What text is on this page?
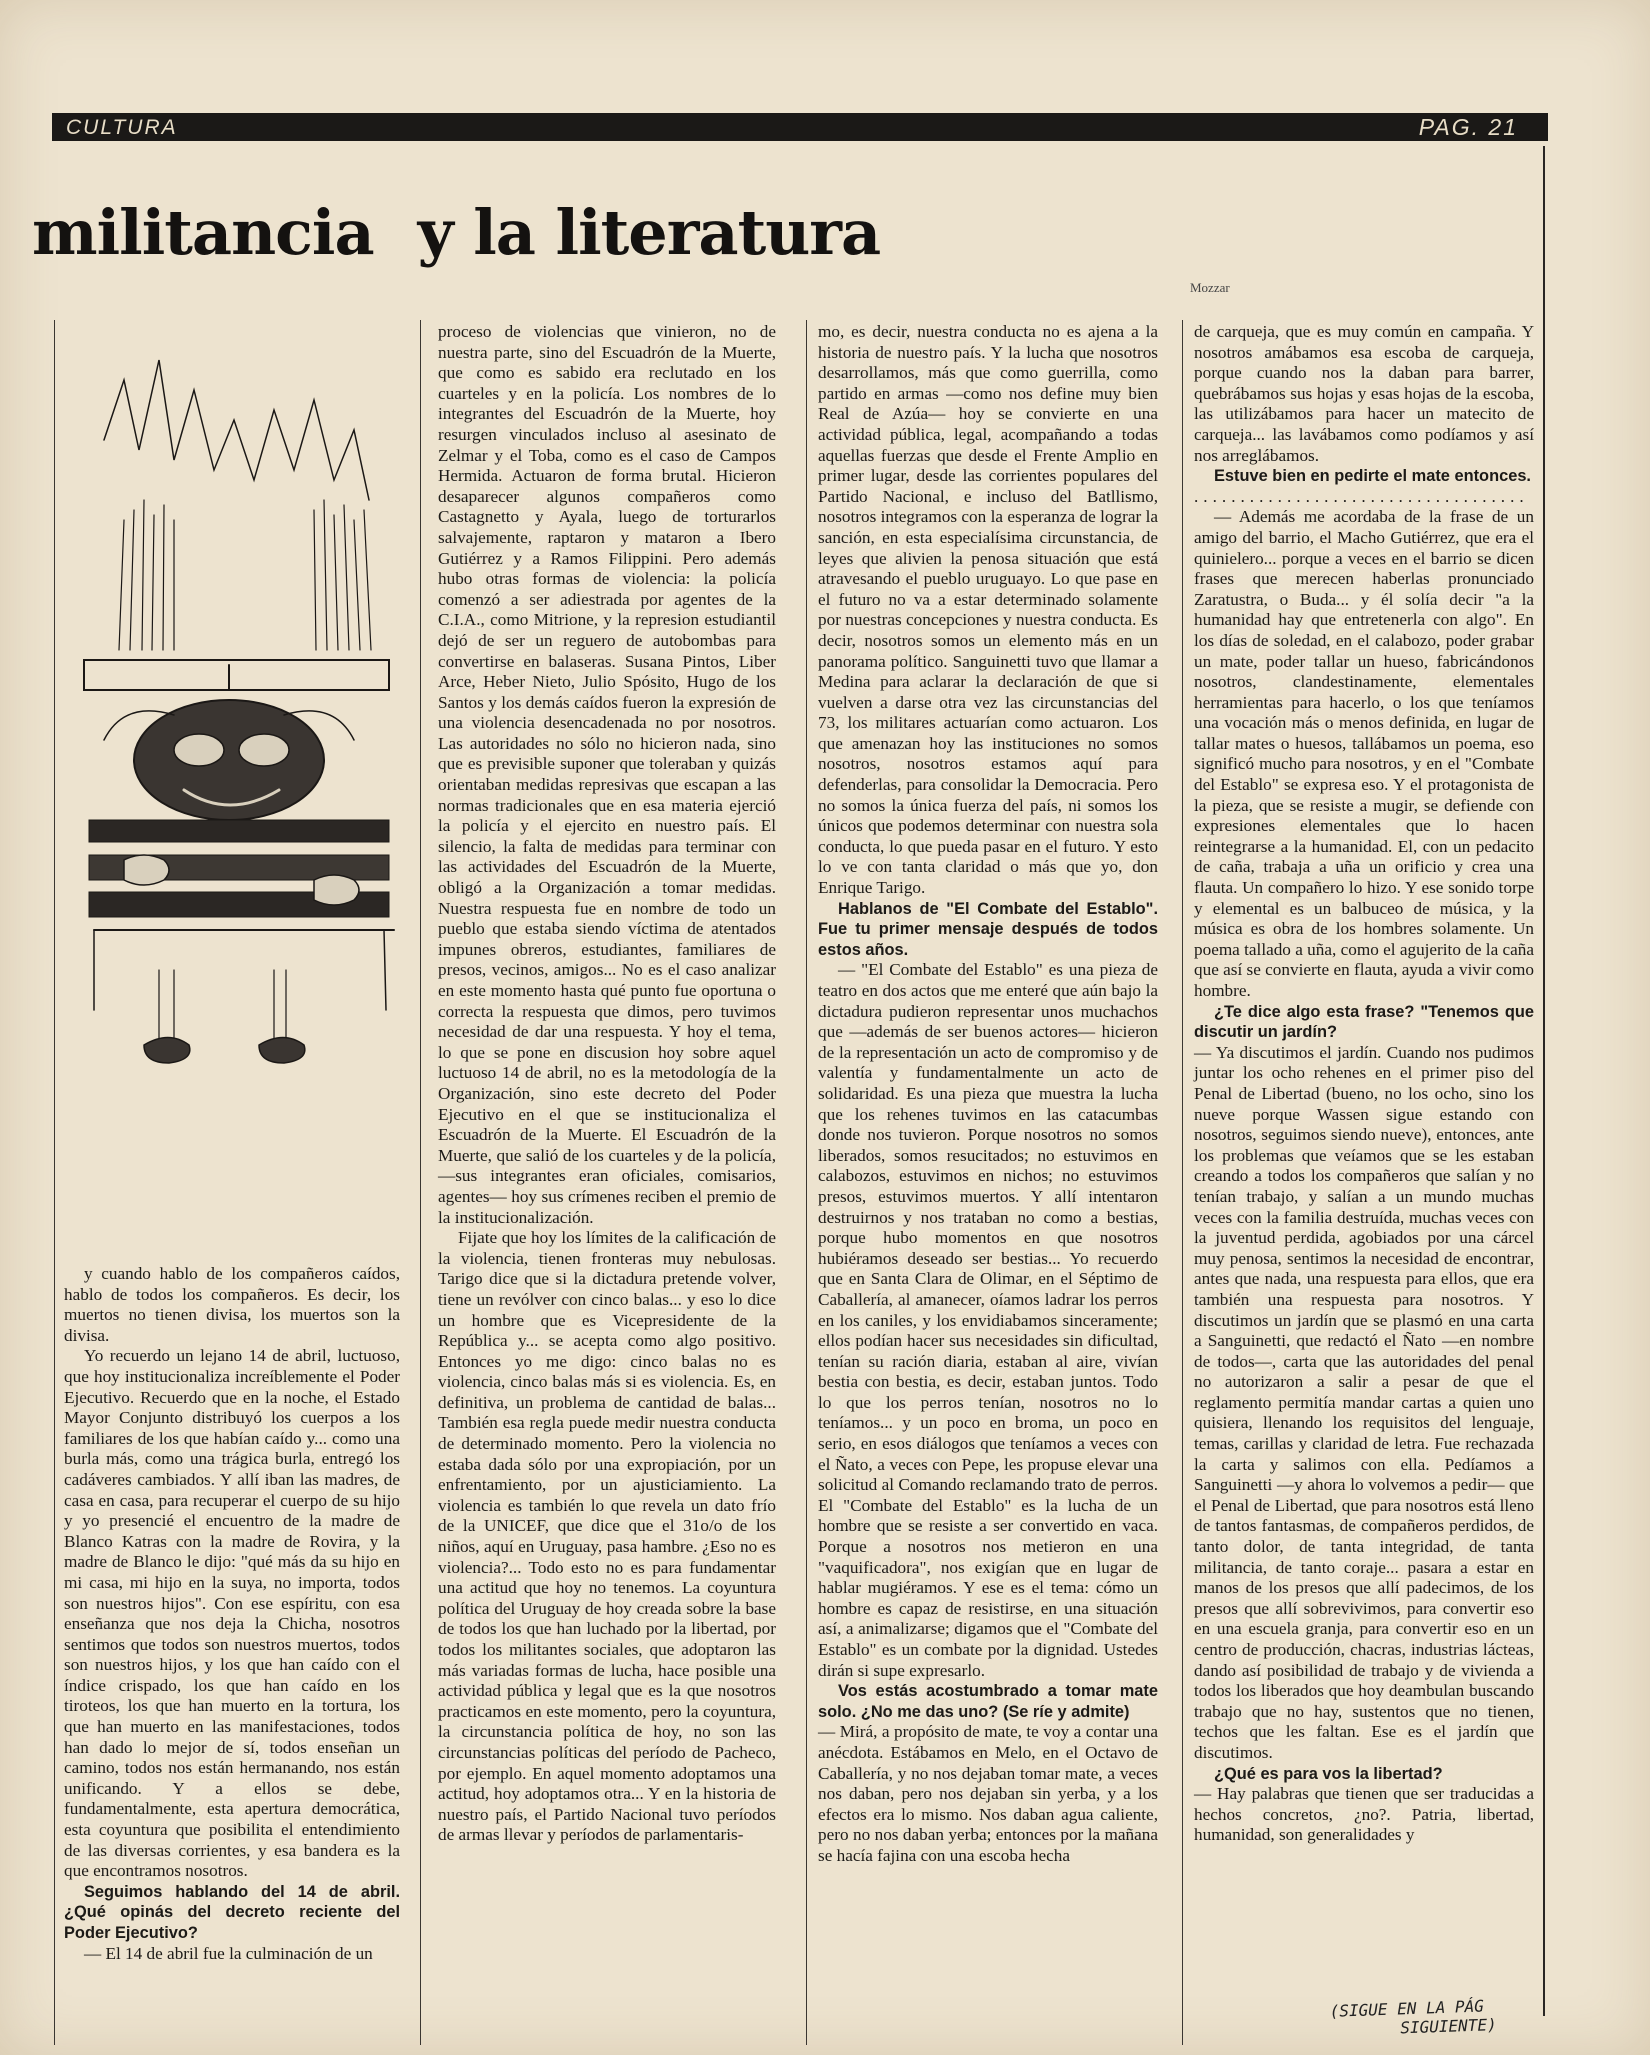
CULTURA	PAG. 21
militancia y la literatura
Mozzar

y cuando hablo de los compañeros caídos, hablo de todos los compañeros. Es decir, los muertos no tienen divisa, los muertos son la divisa.

Yo recuerdo un lejano 14 de abril, luctuoso, que hoy institucionaliza increíblemente el Poder Ejecutivo. Recuerdo que en la noche, el Estado Mayor Conjunto distribuyó los cuerpos a los familiares de los que habían caído y... como una burla más, como una trágica burla, entregó los cadáveres cambiados. Y allí iban las madres, de casa en casa, para recuperar el cuerpo de su hijo y yo presencié el encuentro de la madre de Blanco Katras con la madre de Rovira, y la madre de Blanco le dijo: "qué más da su hijo en mi casa, mi hijo en la suya, no importa, todos son nuestros hijos". Con ese espíritu, con esa enseñanza que nos deja la Chicha, nosotros sentimos que todos son nuestros muertos, todos son nuestros hijos, y los que han caído con el índice crispado, los que han caído en los tiroteos, los que han muerto en la tortura, los que han muerto en las manifestaciones, todos han dado lo mejor de sí, todos enseñan un camino, todos nos están hermanando, nos están unificando. Y a ellos se debe, fundamentalmente, esta apertura democrática, esta coyuntura que posibilita el entendimiento de las diversas corrientes, y esa bandera es la que encontramos nosotros.

Seguimos hablando del 14 de abril. ¿Qué opinás del decreto reciente del Poder Ejecutivo?

— El 14 de abril fue la culminación de un

proceso de violencias que vinieron, no de nuestra parte, sino del Escuadrón de la Muerte, que como es sabido era reclutado en los cuarteles y en la policía. Los nombres de lo integrantes del Escuadrón de la Muerte, hoy resurgen vinculados incluso al asesinato de Zelmar y el Toba, como es el caso de Campos Hermida. Actuaron de forma brutal. Hicieron desaparecer algunos compañeros como Castagnetto y Ayala, luego de torturarlos salvajemente, raptaron y mataron a Ibero Gutiérrez y a Ramos Filippini. Pero además hubo otras formas de violencia: la policía comenzó a ser adiestrada por agentes de la C.I.A., como Mitrione, y la represion estudiantil dejó de ser un reguero de autobombas para convertirse en balaseras. Susana Pintos, Liber Arce, Heber Nieto, Julio Spósito, Hugo de los Santos y los demás caídos fueron la expresión de una violencia desencadenada no por nosotros. Las autoridades no sólo no hicieron nada, sino que es previsible suponer que toleraban y quizás orientaban medidas represivas que escapan a las normas tradicionales que en esa materia ejerció la policía y el ejercito en nuestro país. El silencio, la falta de medidas para terminar con las actividades del Escuadrón de la Muerte, obligó a la Organización a tomar medidas. Nuestra respuesta fue en nombre de todo un pueblo que estaba siendo víctima de atentados impunes obreros, estudiantes, familiares de presos, vecinos, amigos... No es el caso analizar en este momento hasta qué punto fue oportuna o correcta la respuesta que dimos, pero tuvimos necesidad de dar una respuesta. Y hoy el tema, lo que se pone en discusion hoy sobre aquel luctuoso 14 de abril, no es la metodología de la Organización, sino este decreto del Poder Ejecutivo en el que se institucionaliza el Escuadrón de la Muerte. El Escuadrón de la Muerte, que salió de los cuarteles y de la policía, —sus integrantes eran oficiales, comisarios, agentes— hoy sus crímenes reciben el premio de la institucionalización.

Fijate que hoy los límites de la calificación de la violencia, tienen fronteras muy nebulosas. Tarigo dice que si la dictadura pretende volver, tiene un revólver con cinco balas... y eso lo dice un hombre que es Vicepresidente de la República y... se acepta como algo positivo. Entonces yo me digo: cinco balas no es violencia, cinco balas más si es violencia. Es, en definitiva, un problema de cantidad de balas... También esa regla puede medir nuestra conducta de determinado momento. Pero la violencia no estaba dada sólo por una expropiación, por un enfrentamiento, por un ajusticiamiento. La violencia es también lo que revela un dato frío de la UNICEF, que dice que el 31o/o de los niños, aquí en Uruguay, pasa hambre. ¿Eso no es violencia?... Todo esto no es para fundamentar una actitud que hoy no tenemos. La coyuntura política del Uruguay de hoy creada sobre la base de todos los que han luchado por la libertad, por todos los militantes sociales, que adoptaron las más variadas formas de lucha, hace posible una actividad pública y legal que es la que nosotros practicamos en este momento, pero la coyuntura, la circunstancia política de hoy, no son las circunstancias políticas del período de Pacheco, por ejemplo. En aquel momento adoptamos una actitud, hoy adoptamos otra... Y en la historia de nuestro país, el Partido Nacional tuvo períodos de armas llevar y períodos de parlamentaris-

mo, es decir, nuestra conducta no es ajena a la historia de nuestro país. Y la lucha que nosotros desarrollamos, más que como guerrilla, como partido en armas —como nos define muy bien Real de Azúa— hoy se convierte en una actividad pública, legal, acompañando a todas aquellas fuerzas que desde el Frente Amplio en primer lugar, desde las corrientes populares del Partido Nacional, e incluso del Batllismo, nosotros integramos con la esperanza de lograr la sanción, en esta especialísima circunstancia, de leyes que alivien la penosa situación que está atravesando el pueblo uruguayo. Lo que pase en el futuro no va a estar determinado solamente por nuestras concepciones y nuestra conducta. Es decir, nosotros somos un elemento más en un panorama político. Sanguinetti tuvo que llamar a Medina para aclarar la declaración de que si vuelven a darse otra vez las circunstancias del 73, los militares actuarían como actuaron. Los que amenazan hoy las instituciones no somos nosotros, nosotros estamos aquí para defenderlas, para consolidar la Democracia. Pero no somos la única fuerza del país, ni somos los únicos que podemos determinar con nuestra sola conducta, lo que pueda pasar en el futuro. Y esto lo ve con tanta claridad o más que yo, don Enrique Tarigo.

Hablanos de "El Combate del Establo". Fue tu primer mensaje después de todos estos años.

— "El Combate del Establo" es una pieza de teatro en dos actos que me enteré que aún bajo la dictadura pudieron representar unos muchachos que —además de ser buenos actores— hicieron de la representación un acto de compromiso y de valentía y fundamentalmente un acto de solidaridad. Es una pieza que muestra la lucha que los rehenes tuvimos en las catacumbas donde nos tuvieron. Porque nosotros no somos liberados, somos resucitados; no estuvimos en calabozos, estuvimos en nichos; no estuvimos presos, estuvimos muertos. Y allí intentaron destruirnos y nos trataban no como a bestias, porque hubo momentos en que nosotros hubiéramos deseado ser bestias... Yo recuerdo que en Santa Clara de Olimar, en el Séptimo de Caballería, al amanecer, oíamos ladrar los perros en los caniles, y los envidiabamos sinceramente; ellos podían hacer sus necesidades sin dificultad, tenían su ración diaria, estaban al aire, vivían bestia con bestia, es decir, estaban juntos. Todo lo que los perros tenían, nosotros no lo teníamos... y un poco en broma, un poco en serio, en esos diálogos que teníamos a veces con el Ñato, a veces con Pepe, les propuse elevar una solicitud al Comando reclamando trato de perros. El "Combate del Establo" es la lucha de un hombre que se resiste a ser convertido en vaca. Porque a nosotros nos metieron en una "vaquificadora", nos exigían que en lugar de hablar mugiéramos. Y ese es el tema: cómo un hombre es capaz de resistirse, en una situación así, a animalizarse; digamos que el "Combate del Establo" es un combate por la dignidad. Ustedes dirán si supe expresarlo.

Vos estás acostumbrado a tomar mate solo. ¿No me das uno? (Se ríe y admite)

— Mirá, a propósito de mate, te voy a contar una anécdota. Estábamos en Melo, en el Octavo de Caballería, y no nos dejaban tomar mate, a veces nos daban, pero nos dejaban sin yerba, y a los efectos era lo mismo. Nos daban agua caliente, pero no nos daban yerba; entonces por la mañana se hacía fajina con una escoba hecha

de carqueja, que es muy común en campaña. Y nosotros amábamos esa escoba de carqueja, porque cuando nos la daban para barrer, quebrábamos sus hojas y esas hojas de la escoba, las utilizábamos para hacer un matecito de carqueja... las lavábamos como podíamos y así nos arreglábamos.

Estuve bien en pedirte el mate entonces.

....................................

— Además me acordaba de la frase de un amigo del barrio, el Macho Gutiérrez, que era el quinielero... porque a veces en el barrio se dicen frases que merecen haberlas pronunciado Zaratustra, o Buda... y él solía decir "a la humanidad hay que entretenerla con algo". En los días de soledad, en el calabozo, poder grabar un mate, poder tallar un hueso, fabricándonos nosotros, clandestinamente, elementales herramientas para hacerlo, o los que teníamos una vocación más o menos definida, en lugar de tallar mates o huesos, tallábamos un poema, eso significó mucho para nosotros, y en el "Combate del Establo" se expresa eso. Y el protagonista de la pieza, que se resiste a mugir, se defiende con expresiones elementales que lo hacen reintegrarse a la humanidad. El, con un pedacito de caña, trabaja a uña un orificio y crea una flauta. Un compañero lo hizo. Y ese sonido torpe y elemental es un balbuceo de música, y la música es obra de los hombres solamente. Un poema tallado a uña, como el agujerito de la caña que así se convierte en flauta, ayuda a vivir como hombre.

¿Te dice algo esta frase? "Tenemos que discutir un jardín?

— Ya discutimos el jardín. Cuando nos pudimos juntar los ocho rehenes en el primer piso del Penal de Libertad (bueno, no los ocho, sino los nueve porque Wassen sigue estando con nosotros, seguimos siendo nueve), entonces, ante los problemas que veíamos que se les estaban creando a todos los compañeros que salían y no tenían trabajo, y salían a un mundo muchas veces con la familia destruída, muchas veces con la juventud perdida, agobiados por una cárcel muy penosa, sentimos la necesidad de encontrar, antes que nada, una respuesta para ellos, que era también una respuesta para nosotros. Y discutimos un jardín que se plasmó en una carta a Sanguinetti, que redactó el Ñato —en nombre de todos—, carta que las autoridades del penal no autorizaron a salir a pesar de que el reglamento permitía mandar cartas a quien uno quisiera, llenando los requisitos del lenguaje, temas, carillas y claridad de letra. Fue rechazada la carta y salimos con ella. Pedíamos a Sanguinetti —y ahora lo volvemos a pedir— que el Penal de Libertad, que para nosotros está lleno de tantos fantasmas, de compañeros perdidos, de tanto dolor, de tanta integridad, de tanta militancia, de tanto coraje... pasara a estar en manos de los presos que allí padecimos, de los presos que allí sobrevivimos, para convertir eso en una escuela granja, para convertir eso en un centro de producción, chacras, industrias lácteas, dando así posibilidad de trabajo y de vivienda a todos los liberados que hoy deambulan buscando trabajo que no hay, sustentos que no tienen, techos que les faltan. Ese es el jardín que discutimos.

¿Qué es para vos la libertad?

— Hay palabras que tienen que ser traducidas a hechos concretos, ¿no?. Patria, libertad, humanidad, son generalidades y

(SIGUE EN LA PÁG
SIGUIENTE)
